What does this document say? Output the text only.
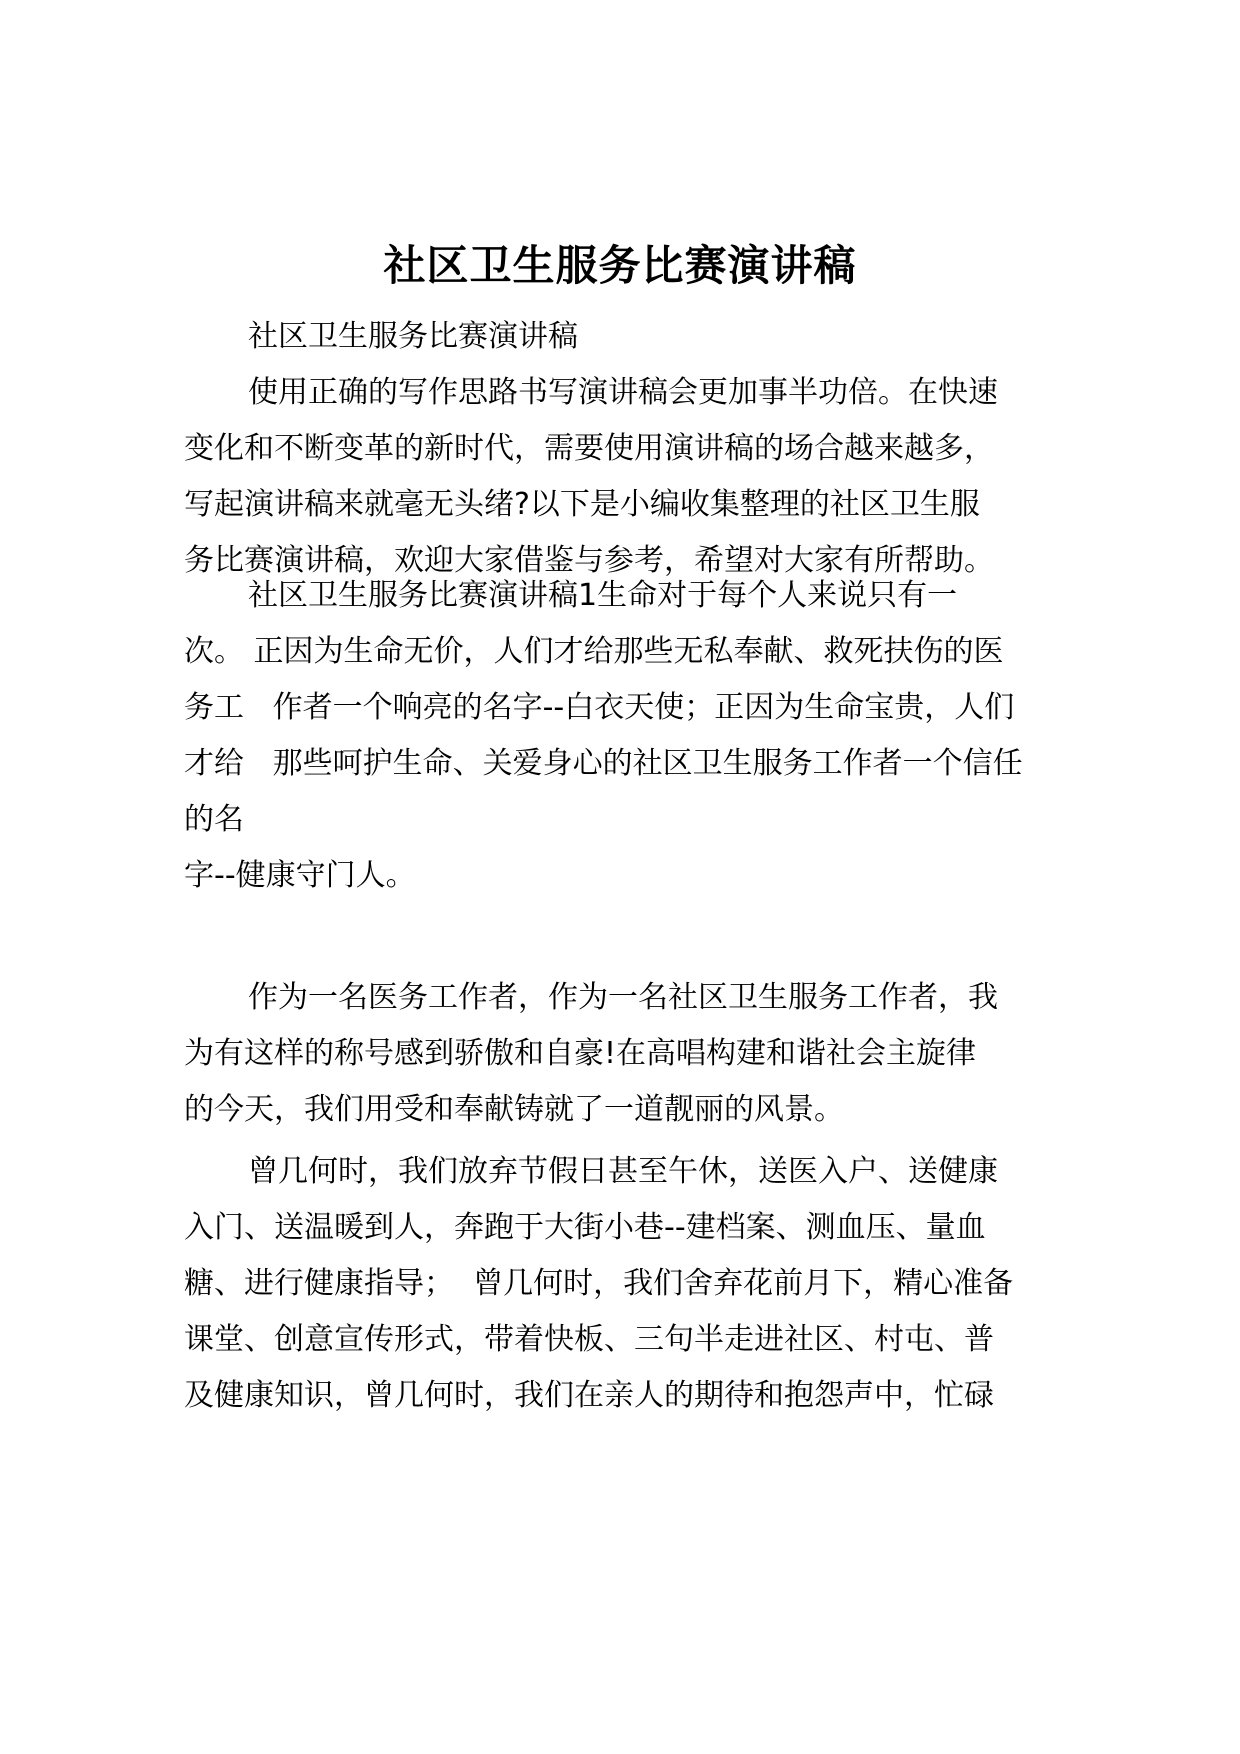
社区卫生服务比赛演讲稿
社区卫生服务比赛演讲稿
使用正确的写作思路书写演讲稿会更加事半功倍。在快速
变化和不断变革的新时代，需要使用演讲稿的场合越来越多，
写起演讲稿来就毫无头绪?以下是小编收集整理的社区卫生服
务比赛演讲稿，欢迎大家借鉴与参考，希望对大家有所帮助。
社区卫生服务比赛演讲稿1生命对于每个人来说只有一
次。 正因为生命无价，人们才给那些无私奉献、救死扶伤的医
务工   作者一个响亮的名字--白衣天使；正因为生命宝贵，人们
才给   那些呵护生命、关爱身心的社区卫生服务工作者一个信任
的名
字--健康守门人。
作为一名医务工作者，作为一名社区卫生服务工作者，我
为有这样的称号感到骄傲和自豪!在高唱构建和谐社会主旋律
的今天，我们用受和奉献铸就了一道靓丽的风景。
曾几何时，我们放弃节假日甚至午休，送医入户、送健康
入门、送温暖到人，奔跑于大街小巷--建档案、测血压、量血
糖、进行健康指导；  曾几何时，我们舍弃花前月下，精心准备
课堂、创意宣传形式，带着快板、三句半走进社区、村屯、普
及健康知识，曾几何时，我们在亲人的期待和抱怨声中，忙碌
